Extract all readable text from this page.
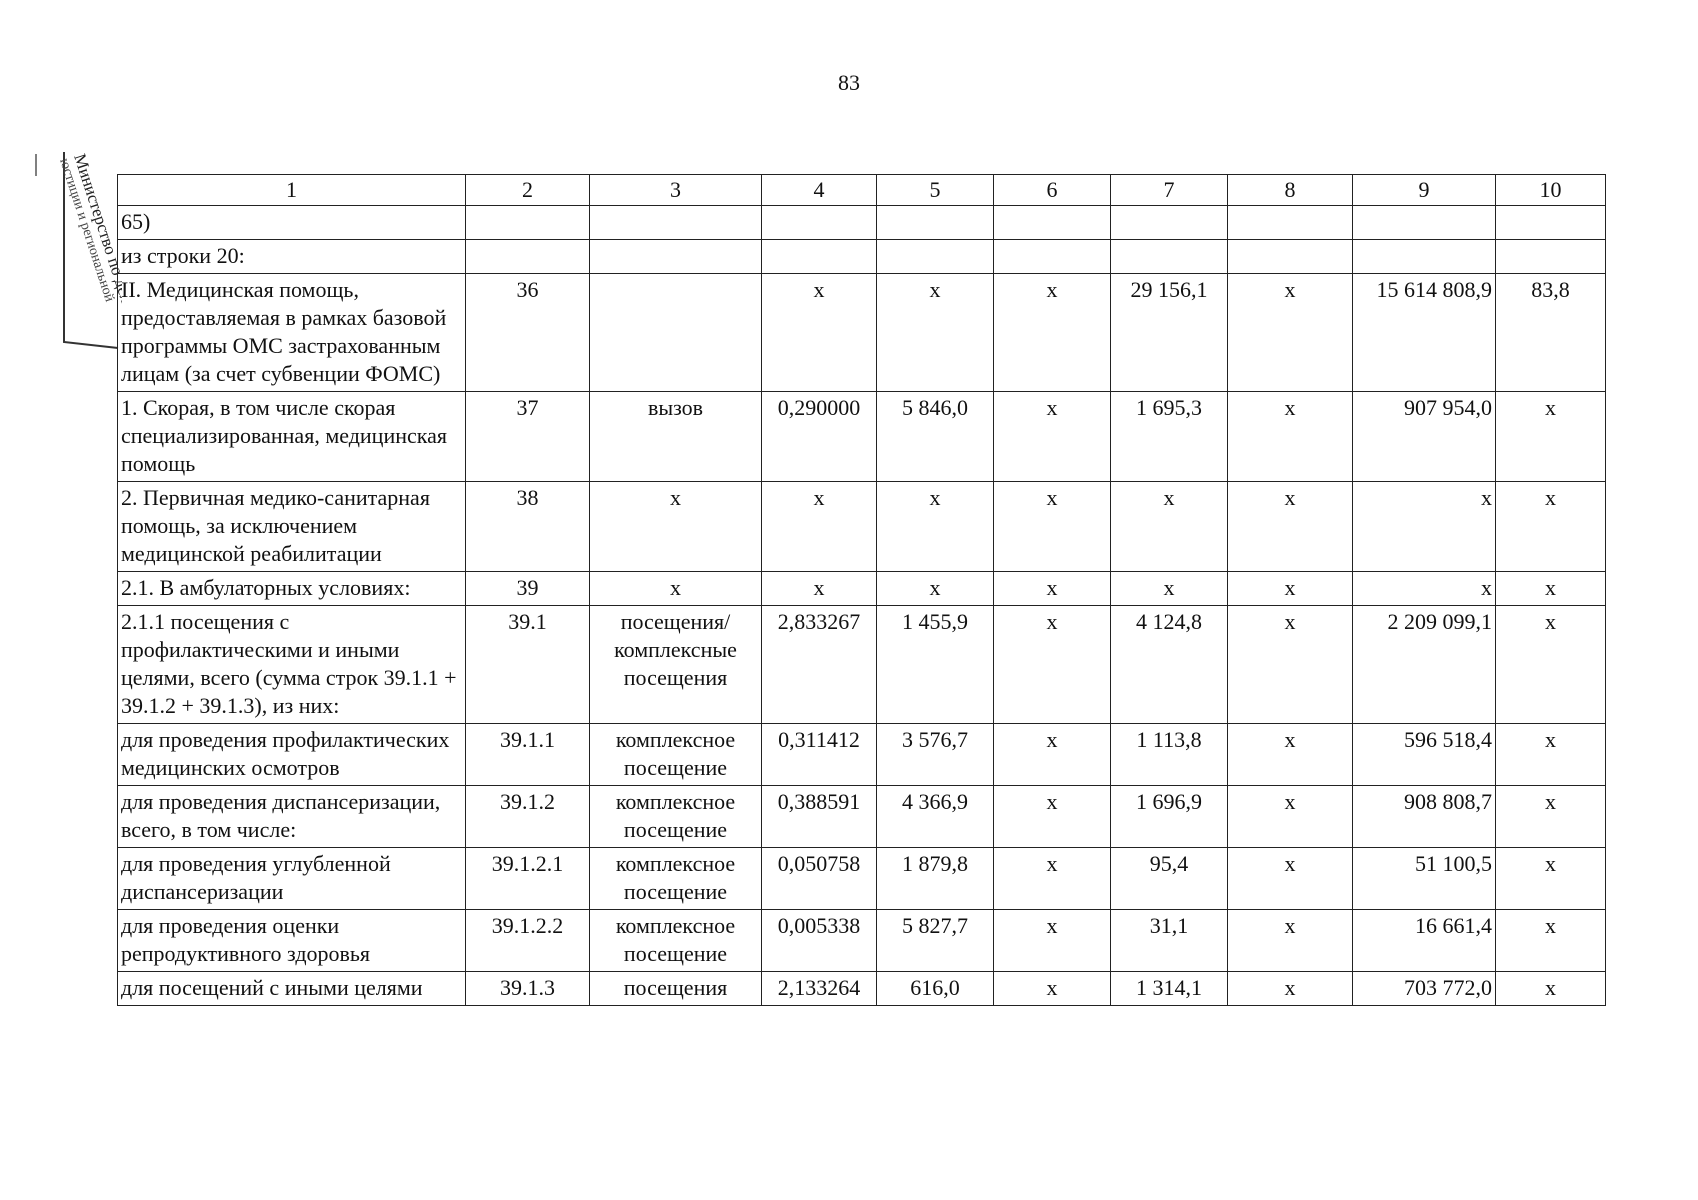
83
Министерство по делам
юстиции и региональной	1	2	3	4	5	6	7	8	9	10
65)									
из строки 20:									
II. Медицинская помощь, предоставляемая в рамках базовой программы ОМС застрахованным лицам (за счет субвенции ФОМС)	36		х	х	х	29 156,1	х	15 614 808,9	83,8
1. Скорая, в том числе скорая специализированная, медицинская помощь	37	вызов	0,290000	5 846,0	х	1 695,3	х	907 954,0	х
2. Первичная медико-санитарная помощь, за исключением медицинской реабилитации	38	х	х	х	х	х	х	х	х
2.1. В амбулаторных условиях:	39	х	х	х	х	х	х	х	х
2.1.1 посещения с профилактическими и иными целями, всего (сумма строк 39.1.1 + 39.1.2 + 39.1.3), из них:	39.1	посещения/ комплексные посещения	2,833267	1 455,9	х	4 124,8	х	2 209 099,1	х
для проведения профилактических медицинских осмотров	39.1.1	комплексное посещение	0,311412	3 576,7	х	1 113,8	х	596 518,4	х
для проведения диспансеризации, всего, в том числе:	39.1.2	комплексное посещение	0,388591	4 366,9	х	1 696,9	х	908 808,7	х
для проведения углубленной диспансеризации	39.1.2.1	комплексное посещение	0,050758	1 879,8	х	95,4	х	51 100,5	х
для проведения оценки репродуктивного здоровья	39.1.2.2	комплексное посещение	0,005338	5 827,7	х	31,1	х	16 661,4	х
для посещений с иными целями	39.1.3	посещения	2,133264	616,0	х	1 314,1	х	703 772,0	х
